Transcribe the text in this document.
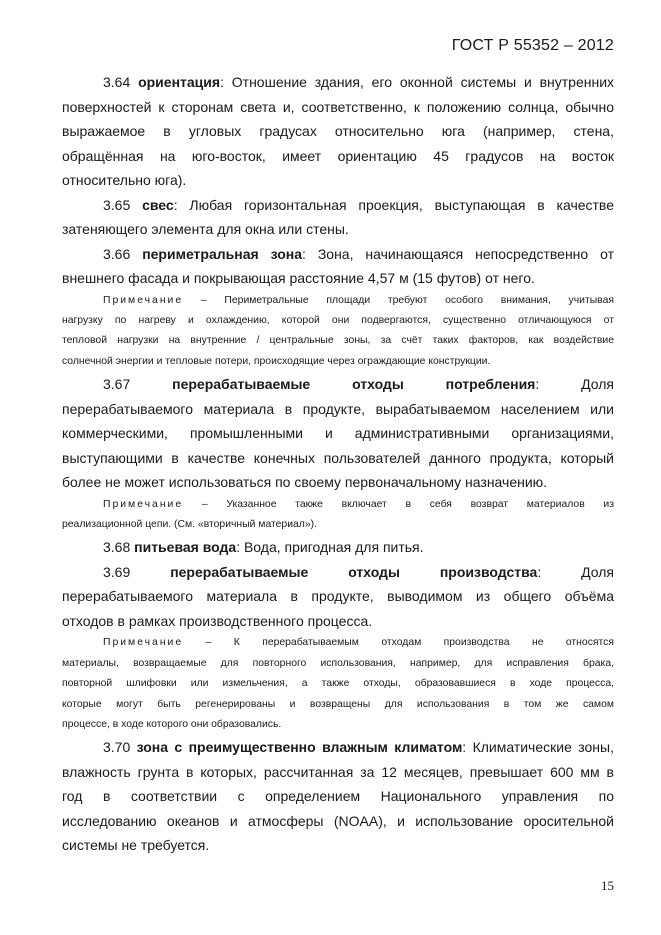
ГОСТ Р 55352 – 2012
3.64 ориентация: Отношение здания, его оконной системы и внутренних
поверхностей к сторонам света и, соответственно, к положению солнца, обычно
выражаемое в угловых градусах относительно юга (например, стена,
обращённая на юго-восток, имеет ориентацию 45 градусов на восток
относительно юга).
3.65 свес: Любая горизонтальная проекция, выступающая в качестве
затеняющего элемента для окна или стены.
3.66 периметральная зона: Зона, начинающаяся непосредственно от
внешнего фасада и покрывающая расстояние 4,57 м (15 футов) от него.
Примечание – Периметральные площади требуют особого внимания, учитывая
нагрузку по нагреву и охлаждению, которой они подвергаются, существенно отличающуюся от
тепловой нагрузки на внутренние / центральные зоны, за счёт таких факторов, как воздействие
солнечной энергии и тепловые потери, происходящие через ограждающие конструкции.
3.67	перерабатываемые отходы потребления: Доля
перерабатываемого материала в продукте, вырабатываемом населением или
коммерческими, промышленными и административными организациями,
выступающими в качестве конечных пользователей данного продукта, который
более не может использоваться по своему первоначальному назначению.
Примечание – Указанное также включает в себя возврат материалов из
реализационной цепи. (См. «вторичный материал»).
3.68 питьевая вода: Вода, пригодная для питья.
3.69	перерабатываемые отходы производства: Доля
перерабатываемого материала в продукте, выводимом из общего объёма
отходов в рамках производственного процесса.
Примечание – К перерабатываемым отходам производства не относятся
материалы, возвращаемые для повторного использования, например, для исправления брака,
повторной шлифовки или измельчения, а также отходы, образовавшиеся в ходе процесса,
которые могут быть регенерированы и возвращены для использования в том же самом
процессе, в ходе которого они образовались.
3.70 зона с преимущественно влажным климатом: Климатические зоны,
влажность грунта в которых, рассчитанная за 12 месяцев, превышает 600 мм в
год в соответствии с определением Национального управления по
исследованию океанов и атмосферы (NOAA), и использование оросительной
системы не требуется.
15
